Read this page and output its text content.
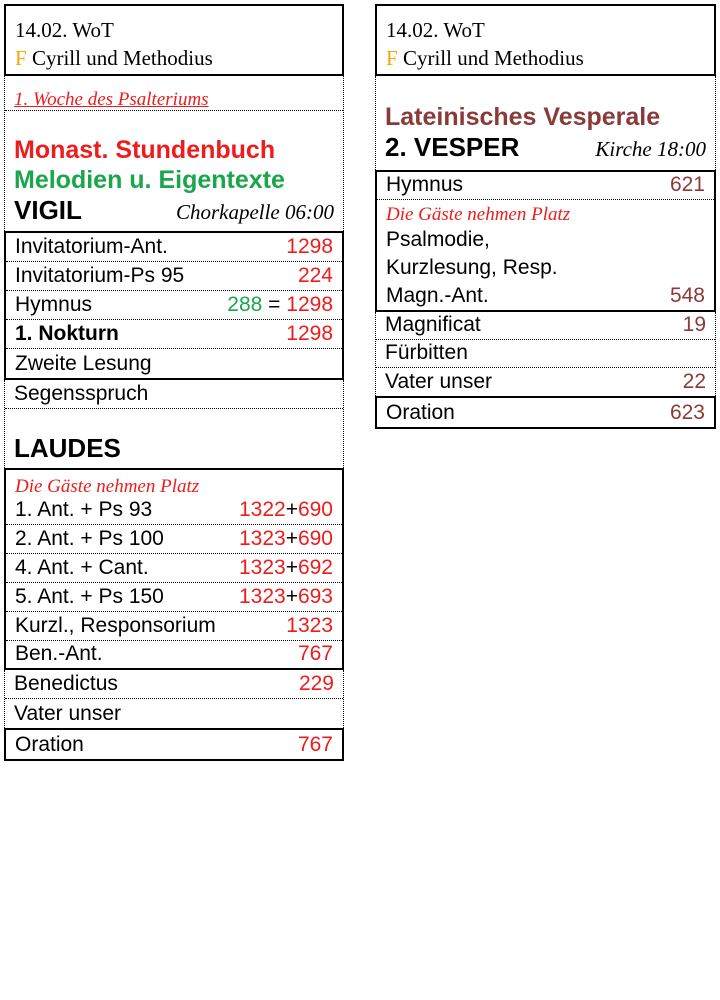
14.02. WoT
F Cyrill und Methodius
1. Woche des Psalteriums
Monast. Stundenbuch
Melodien u. Eigentexte
VIGIL	Chorkapelle 06:00
Invitatorium-Ant.	1298
Invitatorium-Ps 95	224
Hymnus	288 = 1298
1. Nokturn	1298
Zweite Lesung
Segensspruch
LAUDES
Die Gäste nehmen Platz
1. Ant. + Ps 93	1322+690
2. Ant. + Ps 100	1323+690
4. Ant. + Cant.	1323+692
5. Ant. + Ps 150	1323+693
Kurzl., Responsorium	1323
Ben.-Ant.	767
Benedictus	229
Vater unser
Oration	767
14.02. WoT
F Cyrill und Methodius
Lateinisches Vesperale
2. VESPER	Kirche 18:00
Hymnus	621
Die Gäste nehmen Platz
Psalmodie,
Kurzlesung, Resp.
Magn.-Ant.	548
Magnificat	19
Fürbitten
Vater unser	22
Oration	623
